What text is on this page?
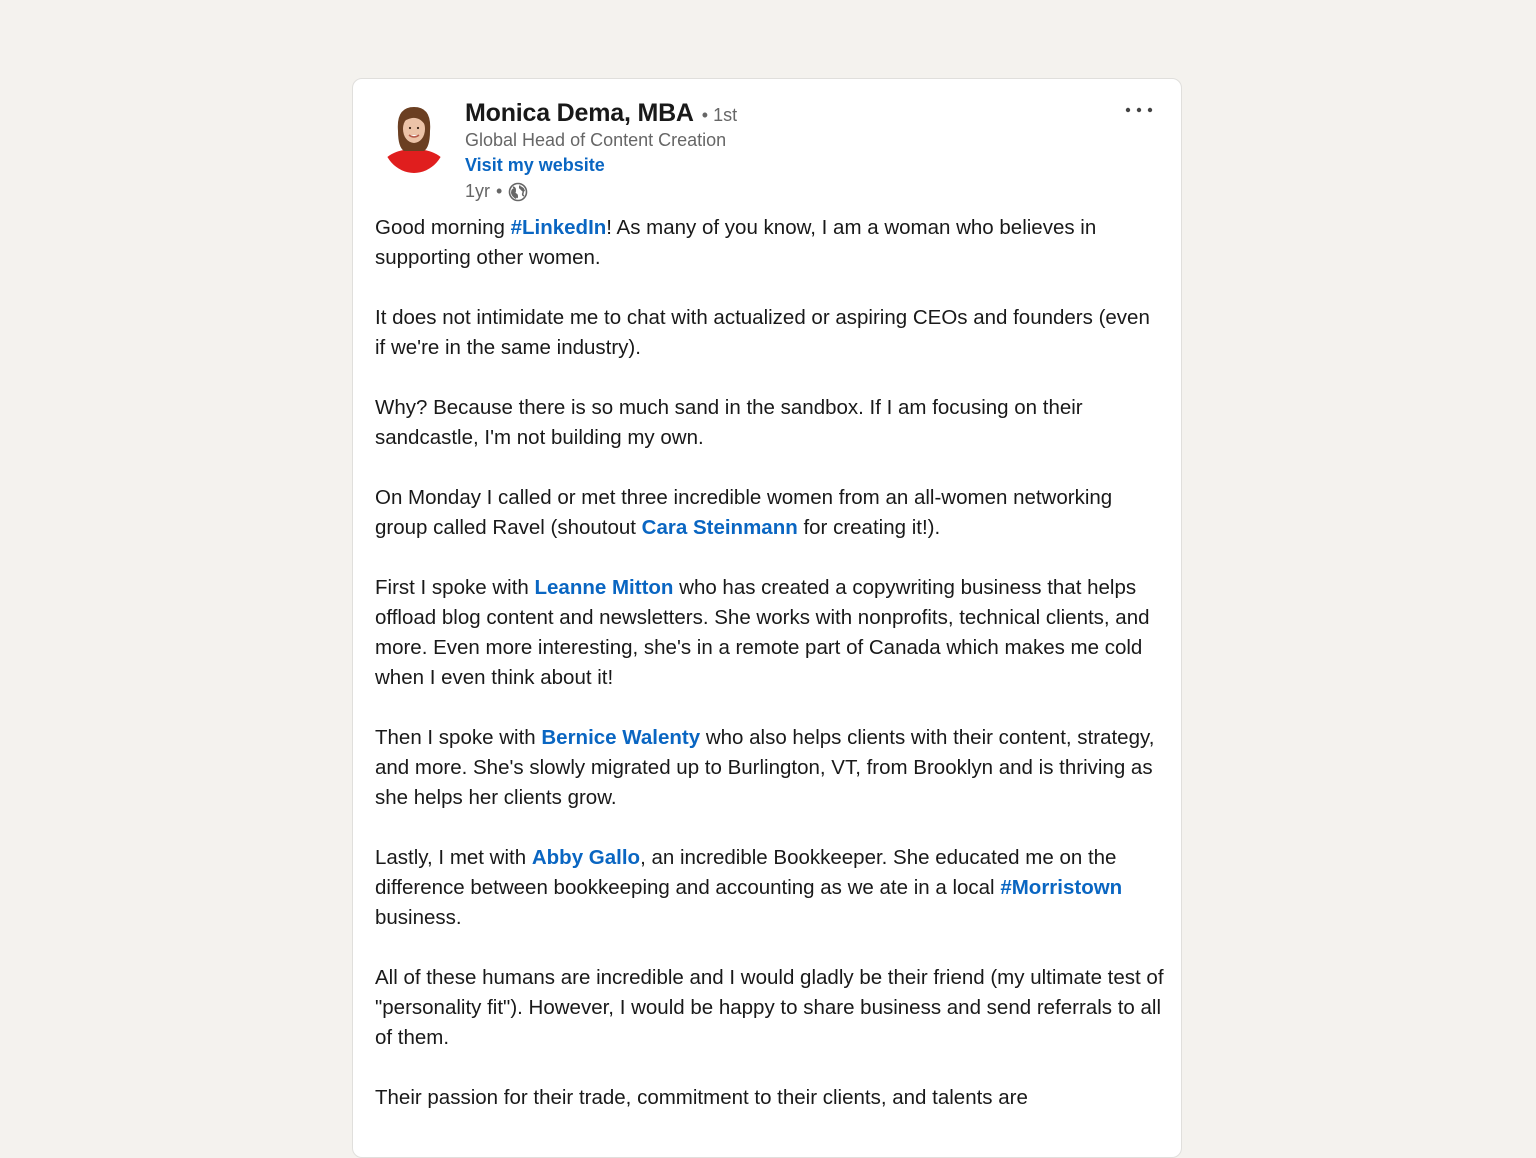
Monica Dema, MBA • 1st
Global Head of Content Creation
Visit my website
1yr •

Good morning #LinkedIn! As many of you know, I am a woman who believes in supporting other women.

It does not intimidate me to chat with actualized or aspiring CEOs and founders (even if we're in the same industry).

Why? Because there is so much sand in the sandbox. If I am focusing on their sandcastle, I'm not building my own.

On Monday I called or met three incredible women from an all-women networking group called Ravel (shoutout Cara Steinmann for creating it!).

First I spoke with Leanne Mitton who has created a copywriting business that helps offload blog content and newsletters. She works with nonprofits, technical clients, and more. Even more interesting, she's in a remote part of Canada which makes me cold when I even think about it!

Then I spoke with Bernice Walenty who also helps clients with their content, strategy, and more. She's slowly migrated up to Burlington, VT, from Brooklyn and is thriving as she helps her clients grow.

Lastly, I met with Abby Gallo, an incredible Bookkeeper. She educated me on the difference between bookkeeping and accounting as we ate in a local #Morristown business.

All of these humans are incredible and I would gladly be their friend (my ultimate test of "personality fit"). However, I would be happy to share business and send referrals to all of them.

Their passion for their trade, commitment to their clients, and talents are
